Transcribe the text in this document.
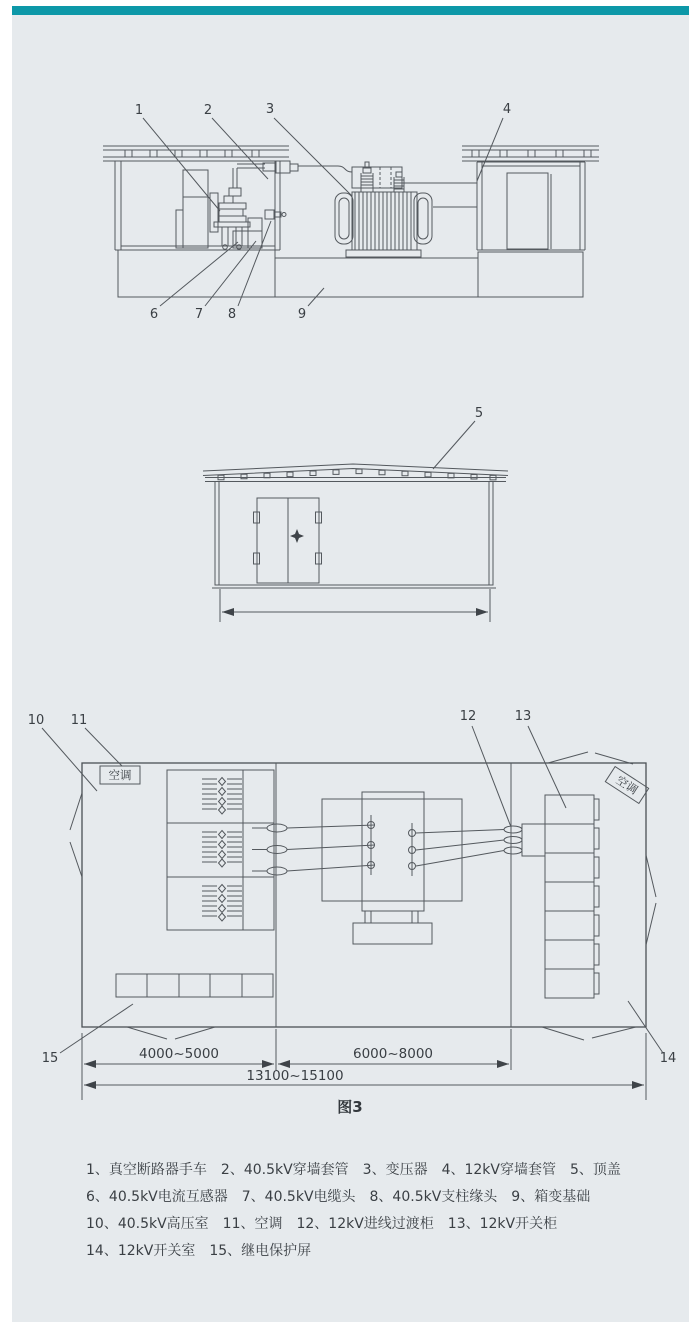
1	2	3	4
6	7 8	9
5
空调	空调
4000~5000	6000~8000
13100~15100
10 11	12	13
14
15
图3
1、真空断路器手车　2、40.5kV穿墙套管　3、变压器　4、12kV穿墙套管　5、顶盖
6、40.5kV电流互感器　7、40.5kV电缆头　8、40.5kV支柱缘头　9、箱变基础
10、40.5kV高压室　11、空调　12、12kV进线过渡柜　13、12kV开关柜
14、12kV开关室　15、继电保护屏
